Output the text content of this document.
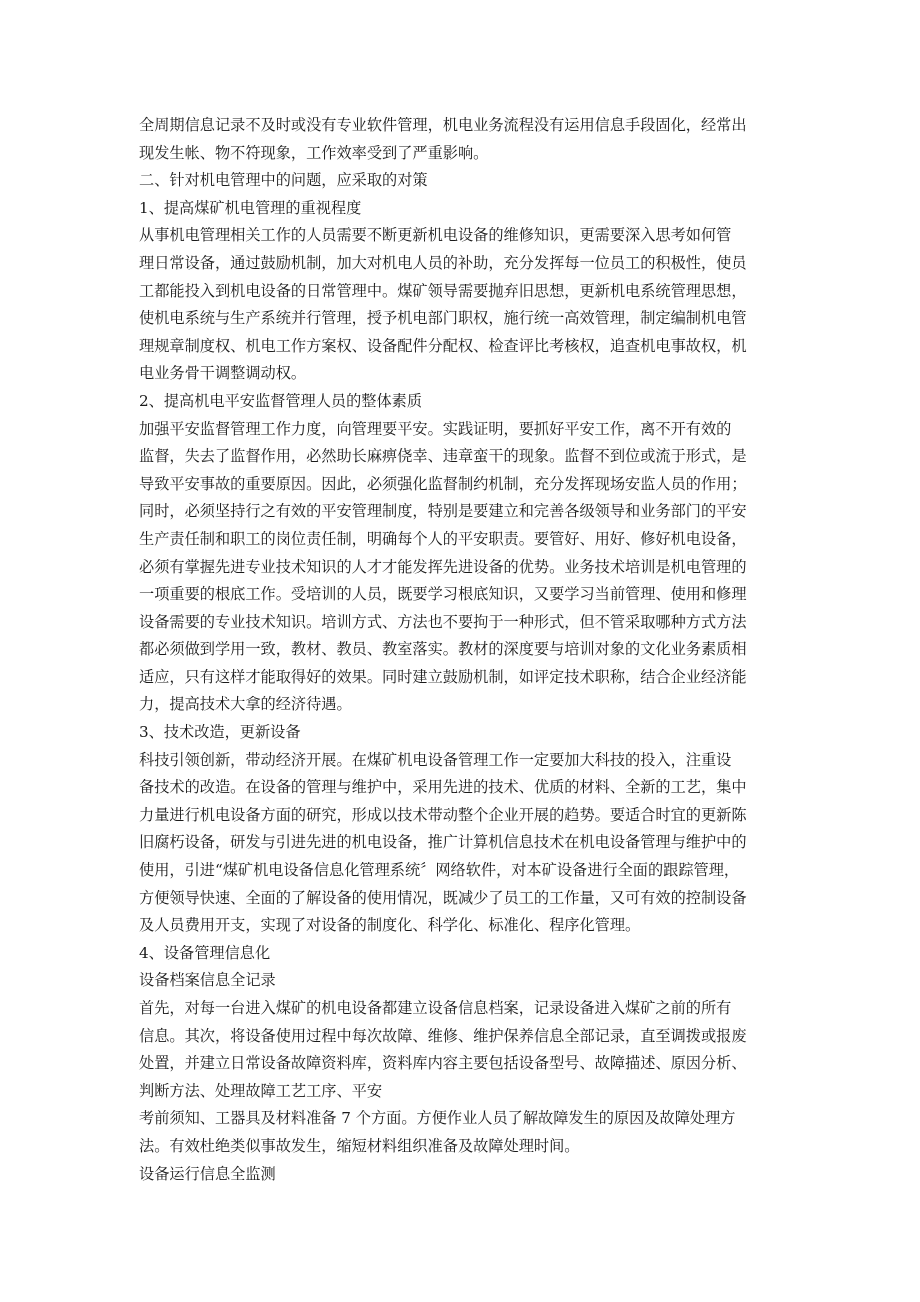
全周期信息记录不及时或没有专业软件管理，机电业务流程没有运用信息手段固化，经常出
现发生帐、物不符现象，工作效率受到了严重影响。
二、针对机电管理中的问题，应采取的对策
1、提高煤矿机电管理的重视程度
从事机电管理相关工作的人员需要不断更新机电设备的维修知识，更需要深入思考如何管
理日常设备，通过鼓励机制，加大对机电人员的补助，充分发挥每一位员工的积极性，使员
工都能投入到机电设备的日常管理中。煤矿领导需要抛弃旧思想，更新机电系统管理思想，
使机电系统与生产系统并行管理，授予机电部门职权，施行统一高效管理，制定编制机电管
理规章制度权、机电工作方案权、设备配件分配权、检查评比考核权，追查机电事故权，机
电业务骨干调整调动权。
2、提高机电平安监督管理人员的整体素质
加强平安监督管理工作力度，向管理要平安。实践证明，要抓好平安工作，离不开有效的
监督，失去了监督作用，必然助长麻痹侥幸、违章蛮干的现象。监督不到位或流于形式，是
导致平安事故的重要原因。因此，必须强化监督制约机制，充分发挥现场安监人员的作用；
同时，必须坚持行之有效的平安管理制度，特别是要建立和完善各级领导和业务部门的平安
生产责任制和职工的岗位责任制，明确每个人的平安职责。要管好、用好、修好机电设备，
必须有掌握先进专业技术知识的人才才能发挥先进设备的优势。业务技术培训是机电管理的
一项重要的根底工作。受培训的人员，既要学习根底知识，又要学习当前管理、使用和修理
设备需要的专业技术知识。培训方式、方法也不要拘于一种形式，但不管采取哪种方式方法
都必须做到学用一致，教材、教员、教室落实。教材的深度要与培训对象的文化业务素质相
适应，只有这样才能取得好的效果。同时建立鼓励机制，如评定技术职称，结合企业经济能
力，提高技术大拿的经济待遇。
3、技术改造，更新设备
科技引领创新，带动经济开展。在煤矿机电设备管理工作一定要加大科技的投入，注重设
备技术的改造。在设备的管理与维护中，采用先进的技术、优质的材料、全新的工艺，集中
力量进行机电设备方面的研究，形成以技术带动整个企业开展的趋势。要适合时宜的更新陈
旧腐朽设备，研发与引进先进的机电设备，推广计算机信息技术在机电设备管理与维护中的
使用，引进“煤矿机电设备信息化管理系统〞网络软件，对本矿设备进行全面的跟踪管理，
方便领导快速、全面的了解设备的使用情况，既减少了员工的工作量，又可有效的控制设备
及人员费用开支，实现了对设备的制度化、科学化、标准化、程序化管理。
4、设备管理信息化
设备档案信息全记录
首先，对每一台进入煤矿的机电设备都建立设备信息档案，记录设备进入煤矿之前的所有
信息。其次，将设备使用过程中每次故障、维修、维护保养信息全部记录，直至调拨或报废
处置，并建立日常设备故障资料库，资料库内容主要包括设备型号、故障描述、原因分析、
判断方法、处理故障工艺工序、平安
考前须知、工器具及材料准备 7 个方面。方便作业人员了解故障发生的原因及故障处理方
法。有效杜绝类似事故发生，缩短材料组织准备及故障处理时间。
设备运行信息全监测
